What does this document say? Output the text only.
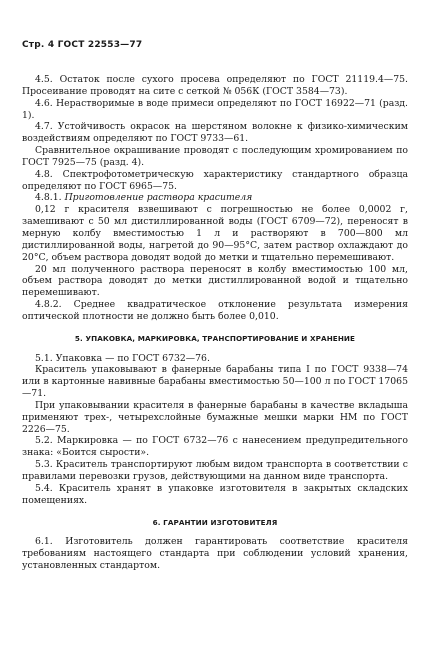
Стр. 4 ГОСТ 22553—77

4.5. Остаток после сухого просева определяют по ГОСТ 21119.4—75. Просеивание проводят на сите с сеткой № 056К (ГОСТ 3584—73).

4.6. Нерастворимые в воде примеси определяют по ГОСТ 16922—71 (разд. 1).

4.7. Устойчивость окрасок на шерстяном волокне к физико-химическим воздействиям определяют по ГОСТ 9733—61.

Сравнительное окрашивание проводят с последующим хромированием по ГОСТ 7925—75 (разд. 4).

4.8. Спектрофотометрическую характеристику стандартного образца определяют по ГОСТ 6965—75.

4.8.1. Приготовление раствора красителя

0,12 г красителя взвешивают с погрешностью не более 0,0002 г, замешивают с 50 мл дистиллированной воды (ГОСТ 6709—72), переносят в мерную колбу вместимостью 1 л и растворяют в 700—800 мл дистиллированной воды, нагретой до 90—95°С, затем раствор охлаждают до 20°С, объем раствора доводят водой до метки и тщательно перемешивают.

20 мл полученного раствора переносят в колбу вместимостью 100 мл, объем раствора доводят до метки дистиллированной водой и тщательно перемешивают.

4.8.2. Среднее квадратическое отклонение результата измерения оптической плотности не должно быть более 0,010.

5. УПАКОВКА, МАРКИРОВКА, ТРАНСПОРТИРОВАНИЕ И ХРАНЕНИЕ

5.1. Упаковка — по ГОСТ 6732—76.

Краситель упаковывают в фанерные барабаны типа I по ГОСТ 9338—74 или в картонные навивные барабаны вместимостью 50—100 л по ГОСТ 17065—71.

При упаковывании красителя в фанерные барабаны в качестве вкладыша применяют трех-, четырехслойные бумажные мешки марки НМ по ГОСТ 2226—75.

5.2. Маркировка — по ГОСТ 6732—76 с нанесением предупредительного знака: «Боится сырости».

5.3. Краситель транспортируют любым видом транспорта в соответствии с правилами перевозки грузов, действующими на данном виде транспорта.

5.4. Краситель хранят в упаковке изготовителя в закрытых складских помещениях.

6. ГАРАНТИИ ИЗГОТОВИТЕЛЯ

6.1. Изготовитель должен гарантировать соответствие красителя требованиям настоящего стандарта при соблюдении условий хранения, установленных стандартом.
